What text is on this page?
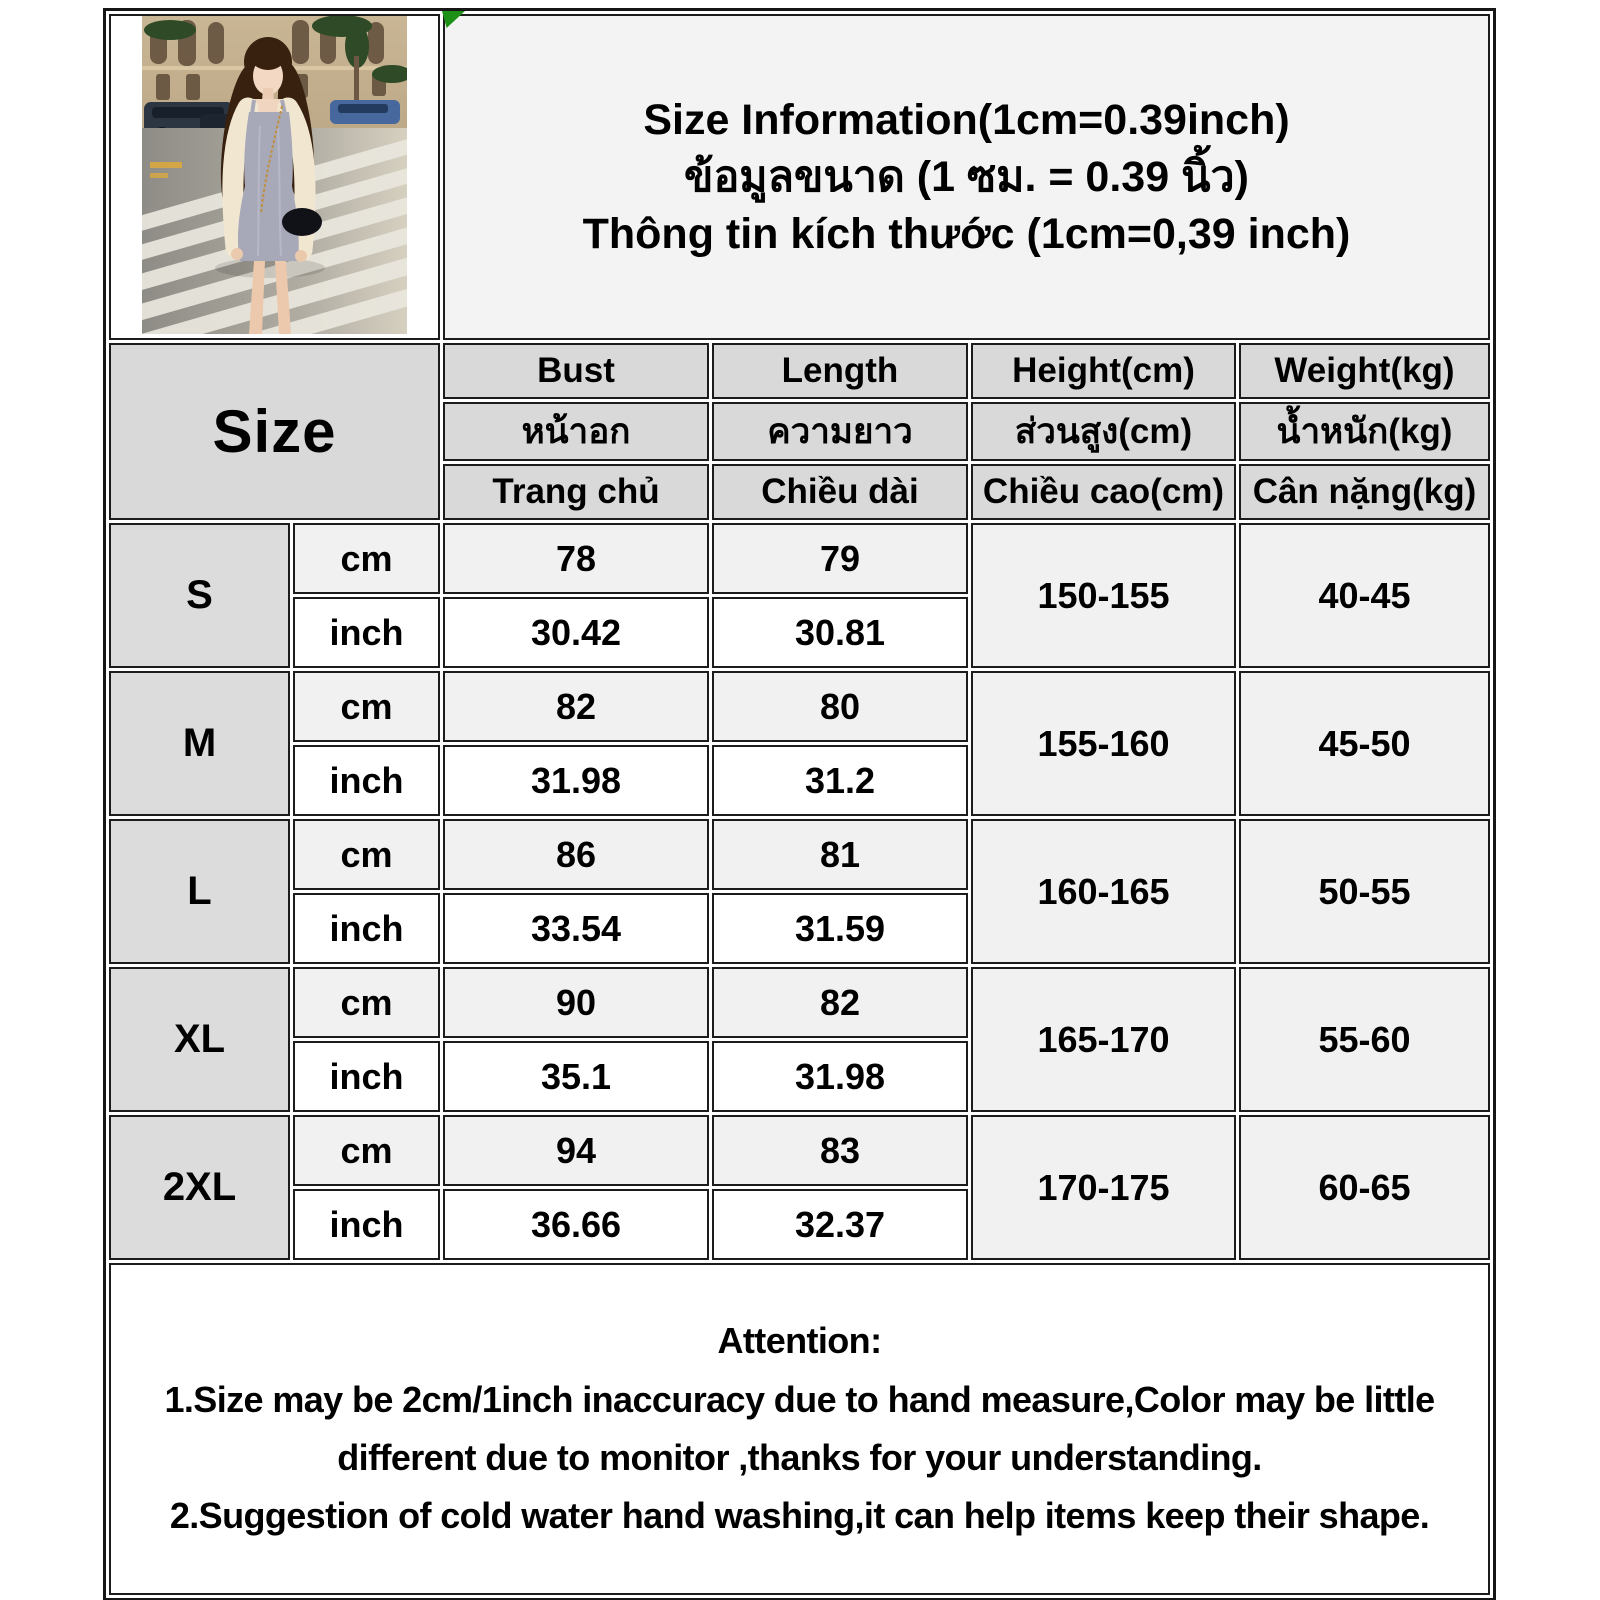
Size Information(1cm=0.39inch)
ข้อมูลขนาด (1 ซม. = 0.39 นิ้ว)
Thông tin kích thước (1cm=0,39 inch)			

Size		Bust	Length	Height(cm)	Weight(kg)
		หน้าอก	ความยาว	ส่วนสูง(cm)	น้ำหนัก(kg)
		Trang chủ	Chiều dài	Chiều cao(cm)	Cân nặng(kg)
S	cm	78	79	150-155	40-45
	inch	30.42	30.81		
M	cm	82	80	155-160	45-50
	inch	31.98	31.2		
L	cm	86	81	160-165	50-55
	inch	33.54	31.59		
XL	cm	90	82	165-170	55-60
	inch	35.1	31.98		
2XL	cm	94	83	170-175	60-65
	inch	36.66	32.37		

Attention:

1.Size may be 2cm/1inch inaccuracy due to hand measure,Color may be little different due to monitor ,thanks for your understanding.

2.Suggestion of cold water hand washing,it can help items keep their shape.					
